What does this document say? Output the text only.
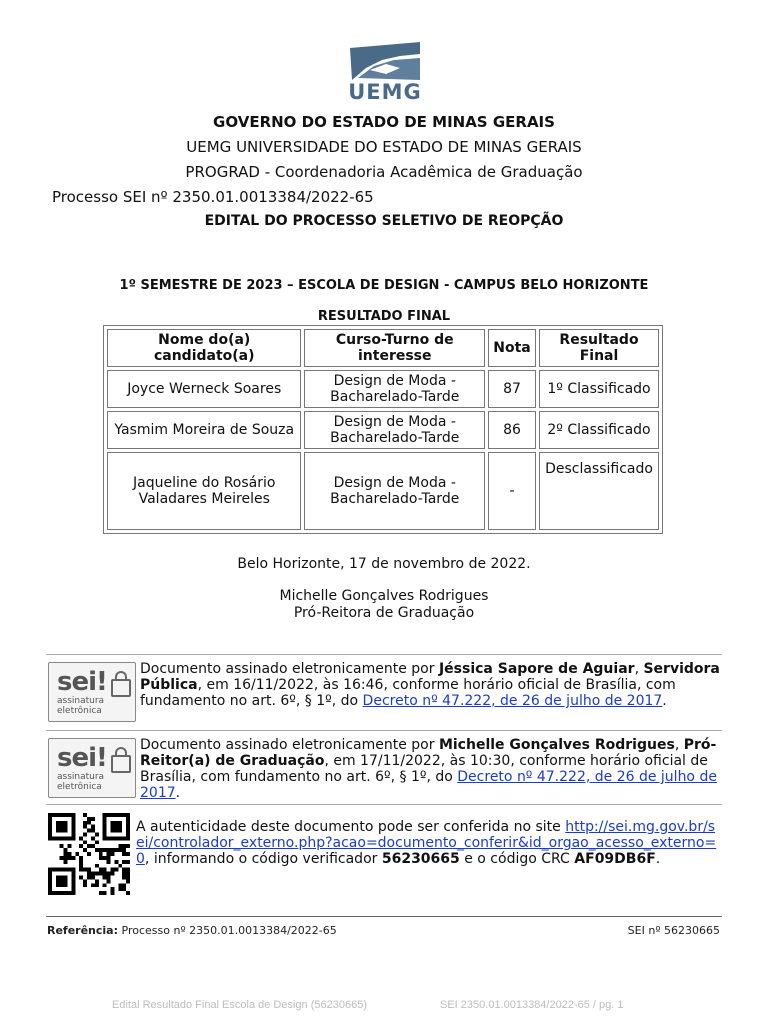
UEMG
GOVERNO DO ESTADO DE MINAS GERAIS
UEMG UNIVERSIDADE DO ESTADO DE MINAS GERAIS
PROGRAD - Coordenadoria Acadêmica de Graduação
Processo SEI nº 2350.01.0013384/2022-65
EDITAL DO PROCESSO SELETIVO DE REOPÇÃO
1º SEMESTRE DE 2023 – ESCOLA DE DESIGN - CAMPUS BELO HORIZONTE
RESULTADO FINAL
Nome do(a) candidato(a)	Curso-Turno de interesse	Nota	Resultado Final
Joyce Werneck Soares	Design de Moda - Bacharelado-Tarde	87	1º Classificado
Yasmim Moreira de Souza	Design de Moda - Bacharelado-Tarde	86	2º Classificado
Jaqueline do Rosário Valadares Meireles	Design de Moda - Bacharelado-Tarde	-	Desclassificado
Belo Horizonte, 17 de novembro de 2022.
Michelle Gonçalves Rodrigues
Pró-Reitora de Graduação
sei!
assinatura
eletrônica
Documento assinado eletronicamente por Jéssica Sapore de Aguiar, Servidora Pública, em 16/11/2022, às 16:46, conforme horário oficial de Brasília, com fundamento no art. 6º, § 1º, do Decreto nº 47.222, de 26 de julho de 2017.
sei!
assinatura
eletrônica
Documento assinado eletronicamente por Michelle Gonçalves Rodrigues, Pró-Reitor(a) de Graduação, em 17/11/2022, às 10:30, conforme horário oficial de Brasília, com fundamento no art. 6º, § 1º, do Decreto nº 47.222, de 26 de julho de 2017.
A autenticidade deste documento pode ser conferida no site http://sei.mg.gov.br/sei/controlador_externo.php?acao=documento_conferir&id_orgao_acesso_externo=0, informando o código verificador 56230665 e o código CRC AF09DB6F.
Referência: Processo nº 2350.01.0013384/2022-65	SEI nº 56230665
Edital Resultado Final Escola de Design (56230665)	SEI 2350.01.0013384/2022-65 / pg. 1
